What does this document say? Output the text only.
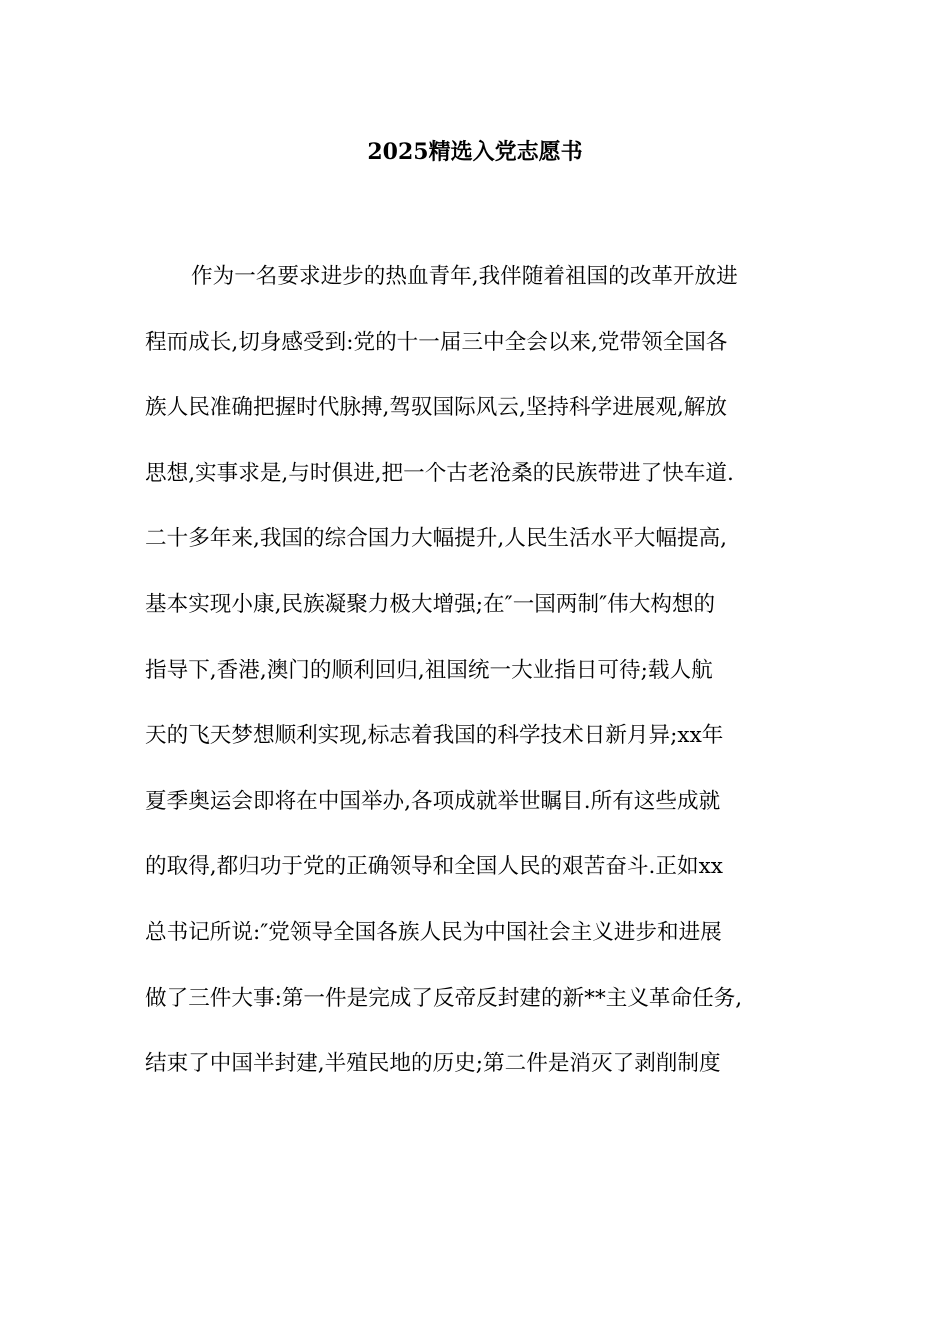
2025精选入党志愿书
作为一名要求进步的热血青年,我伴随着祖国的改革开放进
程而成长,切身感受到:党的十一届三中全会以来,党带领全国各
族人民准确把握时代脉搏,驾驭国际风云,坚持科学进展观,解放
思想,实事求是,与时俱进,把一个古老沧桑的民族带进了快车道.
二十多年来,我国的综合国力大幅提升,人民生活水平大幅提高,
基本实现小康,民族凝聚力极大增强;在″一国两制″伟大构想的
指导下,香港,澳门的顺利回归,祖国统一大业指日可待;载人航
天的飞天梦想顺利实现,标志着我国的科学技术日新月异;xx年
夏季奥运会即将在中国举办,各项成就举世瞩目.所有这些成就
的取得,都归功于党的正确领导和全国人民的艰苦奋斗.正如xx
总书记所说:″党领导全国各族人民为中国社会主义进步和进展
做了三件大事:第一件是完成了反帝反封建的新**主义革命任务,
结束了中国半封建,半殖民地的历史;第二件是消灭了剥削制度
